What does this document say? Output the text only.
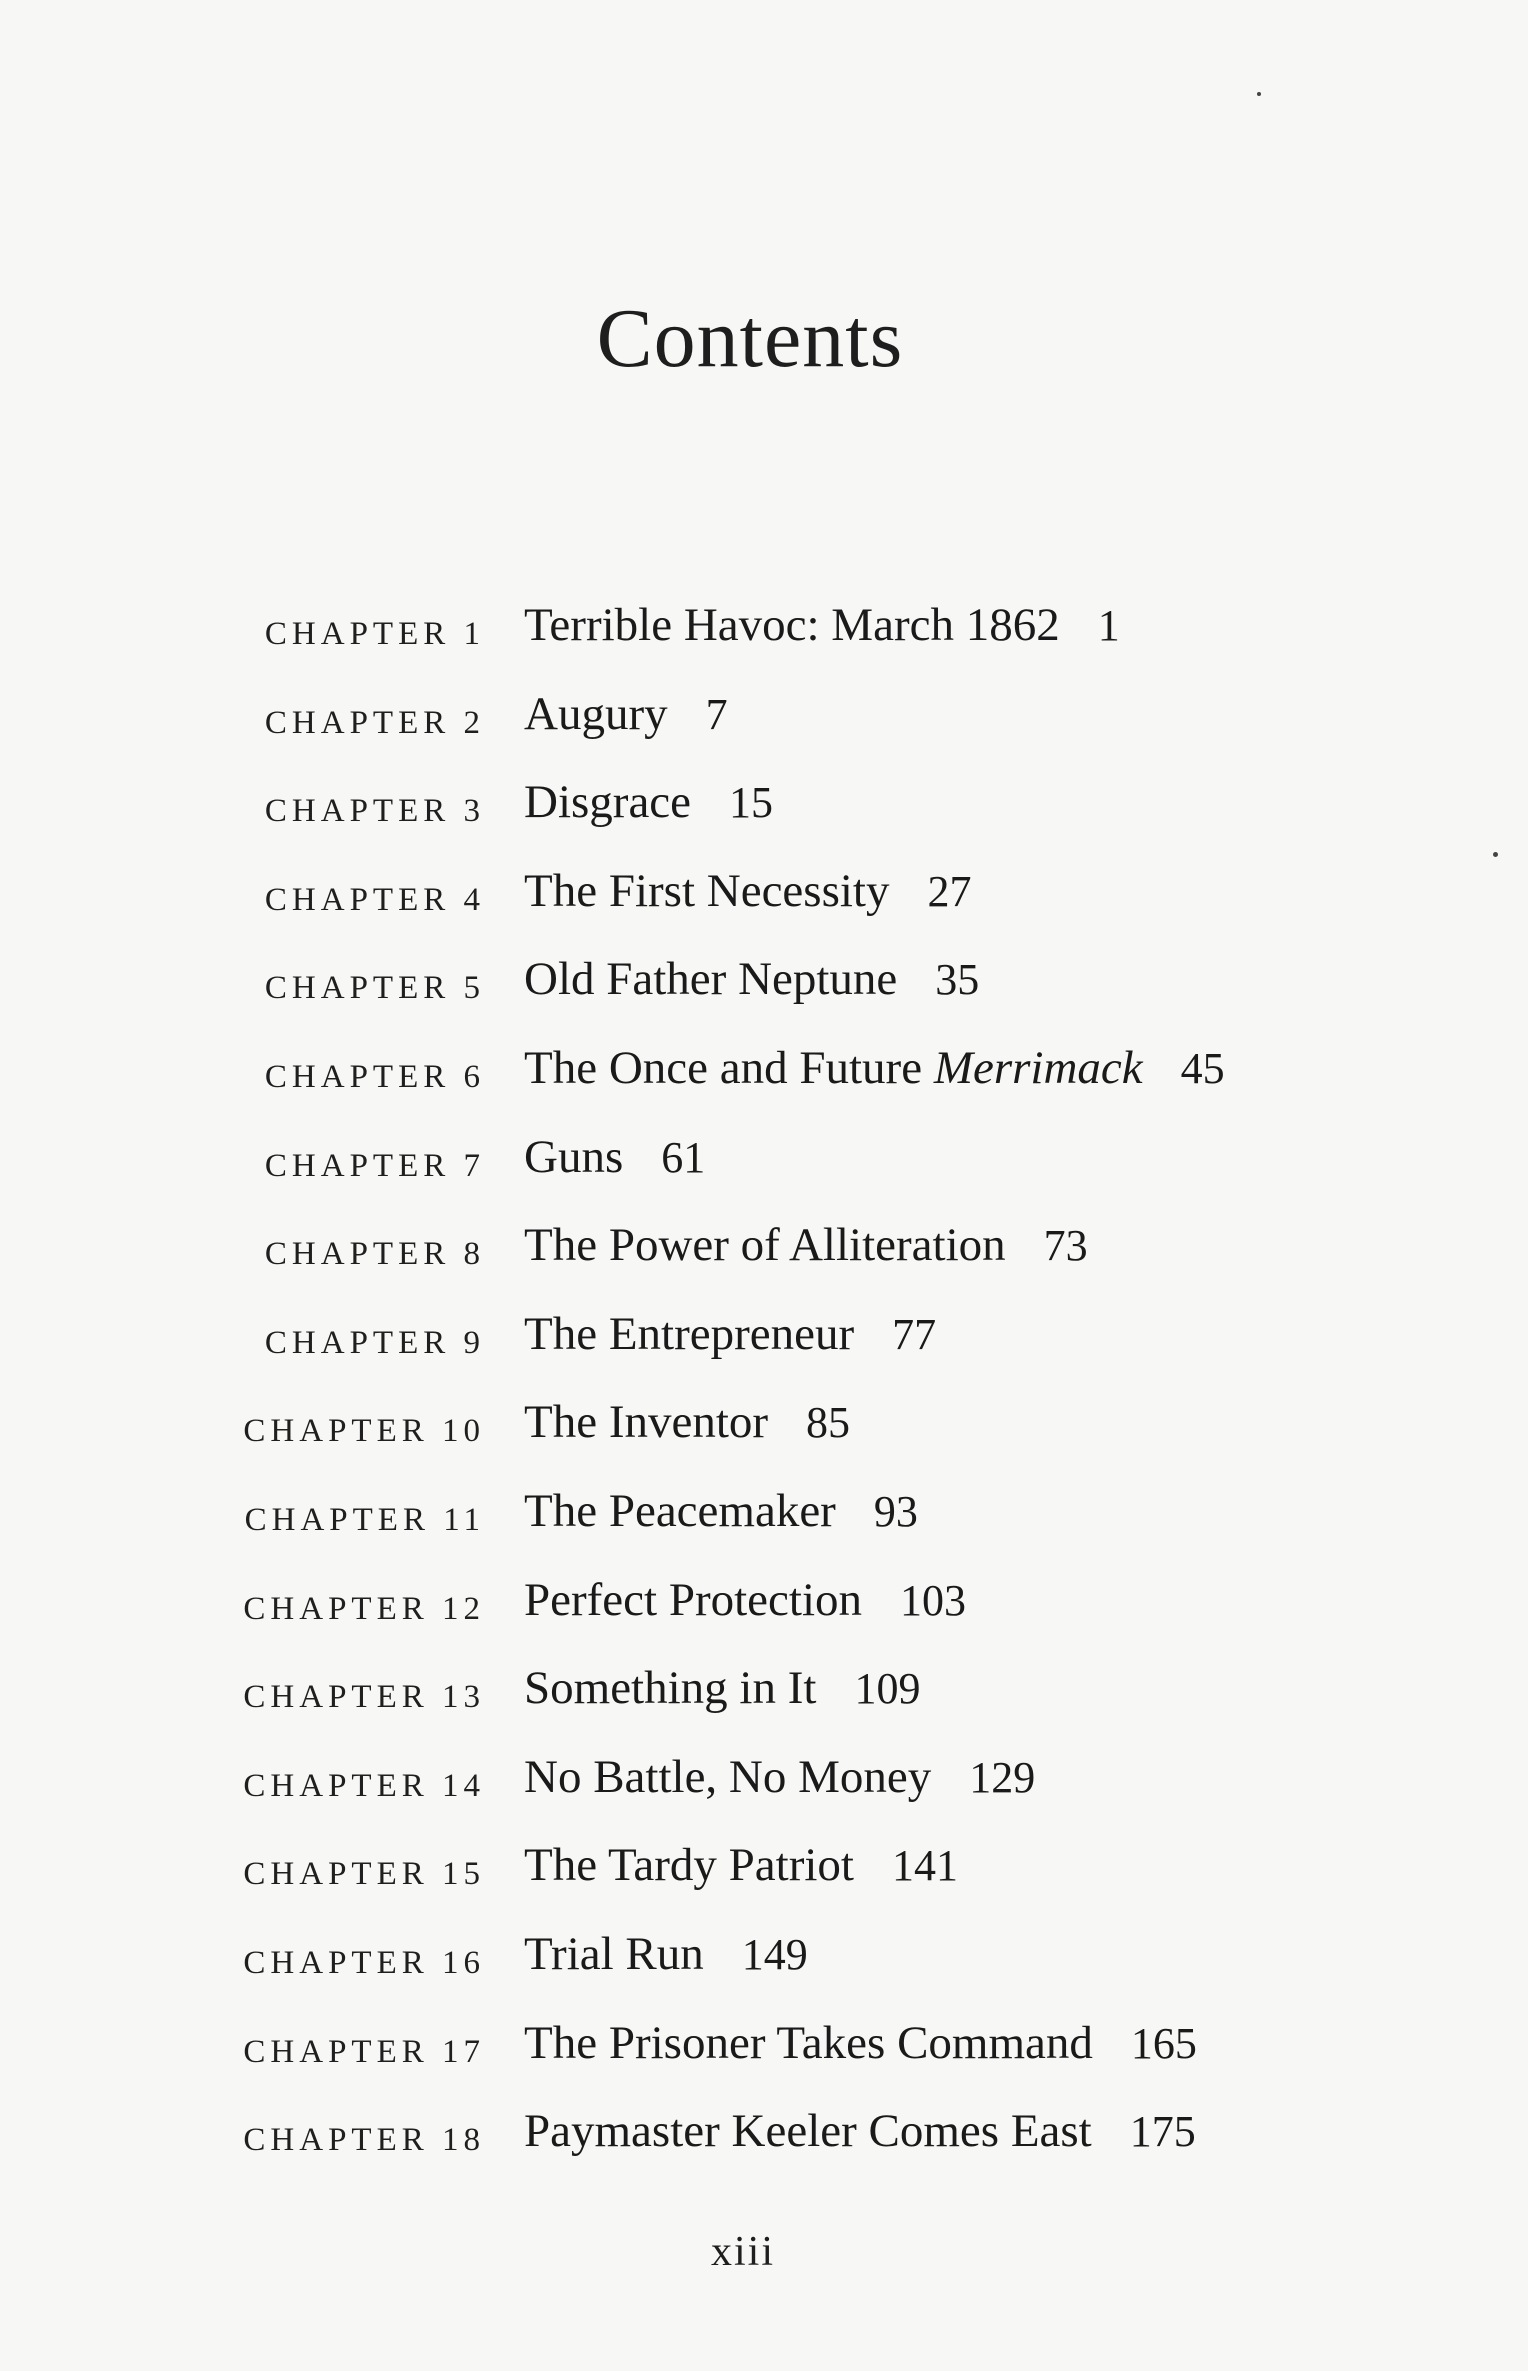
Contents
CHAPTER 1 Terrible Havoc: March 1862 1
CHAPTER 2 Augury 7
CHAPTER 3 Disgrace 15
CHAPTER 4 The First Necessity 27
CHAPTER 5 Old Father Neptune 35
CHAPTER 6 The Once and Future Merrimack 45
CHAPTER 7 Guns 61
CHAPTER 8 The Power of Alliteration 73
CHAPTER 9 The Entrepreneur 77
CHAPTER 10 The Inventor 85
CHAPTER 11 The Peacemaker 93
CHAPTER 12 Perfect Protection 103
CHAPTER 13 Something in It 109
CHAPTER 14 No Battle, No Money 129
CHAPTER 15 The Tardy Patriot 141
CHAPTER 16 Trial Run 149
CHAPTER 17 The Prisoner Takes Command 165
CHAPTER 18 Paymaster Keeler Comes East 175
xiii
